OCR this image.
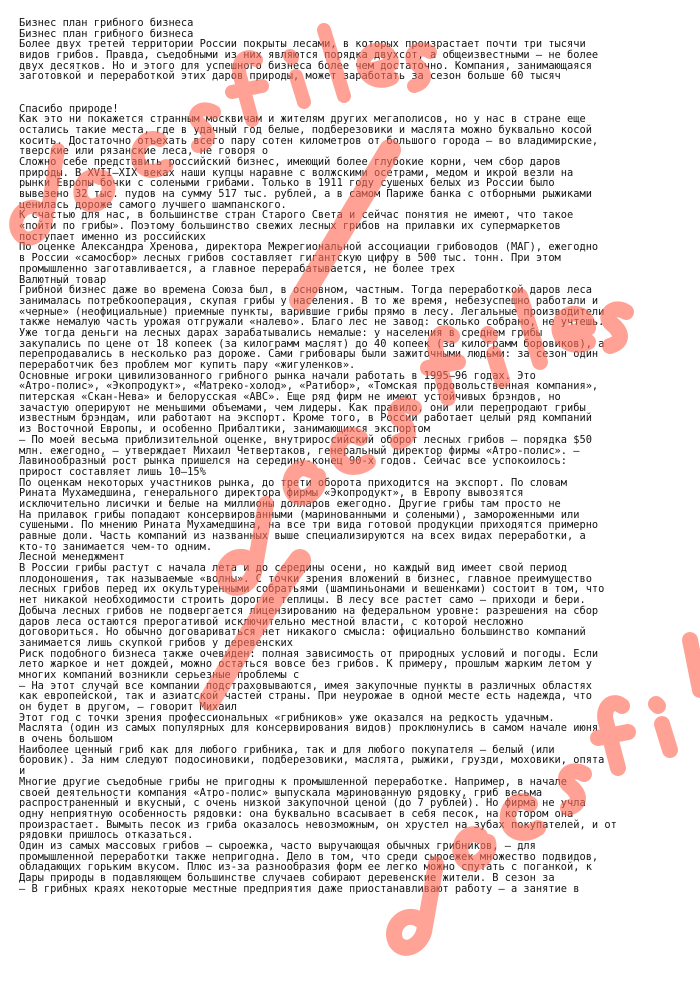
Бизнес план грибного бизнеса
Бизнес план грибного бизнеса
Более двух третей территории России покрыты лесами, в которых произрастает почти три тысячи
видов грибов. Правда, съедобными из них являются порядка двухсот, а общеизвестными – не более
двух десятков. Но и этого для успешного бизнеса более чем достаточно. Компания, занимающаяся
заготовкой и переработкой этих даров природы, может заработать за сезон больше 60 тысяч
Спасибо природе!
Как это ни покажется странным москвичам и жителям других мегаполисов, но у нас в стране еще
остались такие места, где в удачный год белые, подберезовики и маслята можно буквально косой
косить. Достаточно отъехать всего пару сотен километров от большого города – во владимирские,
тверские или рязанские леса, не говоря о
Сложно себе представить российский бизнес, имеющий более глубокие корни, чем сбор даров
природы. В XVII–XIX веках наши купцы наравне с волжскими осетрами, медом и икрой везли на
рынки Европы бочки с солеными грибами. Только в 1911 году сушеных белых из России было
вывезено 32 тыс. пудов на сумму 517 тыс. рублей, а в самом Париже банка с отборными рыжиками
ценилась дороже самого лучшего шампанского.
К счастью для нас, в большинстве стран Старого Света и сейчас понятия не имеют, что такое
«пойти по грибы». Поэтому большинство свежих лесных грибов на прилавки их супермаркетов
поступает именно из российских
По оценке Александра Хренова, директора Межрегиональной ассоциации грибоводов (МАГ), ежегодно
в России «самосбор» лесных грибов составляет гигантскую цифру в 500 тыс. тонн. При этом
промышленно заготавливается, а главное перерабатывается, не более трех
Валютный товар
Грибной бизнес даже во времена Союза был, в основном, частным. Тогда переработкой даров леса
занималась потребкооперация, скупая грибы у населения. В то же время, небезуспешно работали и
«черные» (неофициальные) приемные пункты, варившие грибы прямо в лесу. Легальные производители
также немалую часть урожая отгружали «налево». Благо лес не завод: сколько собрано, не учтешь.
Уже тогда деньги на лесных дарах зарабатывались немалые: у населения в среднем грибы
закупались по цене от 18 копеек (за килограмм маслят) до 40 копеек (за килограмм боровиков), а
перепродавались в несколько раз дороже. Сами грибовары были зажиточными людьми: за сезон один
переработчик без проблем мог купить пару «жигуленков».
Основные игроки цивилизованного грибного рынка начали работать в 1995–96 годах. Это
«Атро-полис», «Экопродукт», «Матреко-холод», «Ратибор», «Томская продовольственная компания»,
питерская «Скан-Нева» и белорусская «АВС». Еще ряд фирм не имеют устойчивых брэндов, но
зачастую оперируют не меньшими объемами, чем лидеры. Как правило, они или перепродают грибы
известным брэндам, или работают на экспорт. Кроме того, в России работает целый ряд компаний
из Восточной Европы, и особенно Прибалтики, занимающихся экспортом
– По моей весьма приблизительной оценке, внутрироссийский оборот лесных грибов – порядка $50
млн. ежегодно, – утверждает Михаил Четвертаков, генеральный директор фирмы «Атро-полис». –
Лавинообразный рост рынка пришелся на середину-конец 90-х годов. Сейчас все успокоилось:
прирост составляет лишь 10–15%
По оценкам некоторых участников рынка, до трети оборота приходится на экспорт. По словам
Рината Мухамедшина, генерального директора фирмы «Экопродукт», в Европу вывозятся
исключительно лисички и белые на миллионы долларов ежегодно. Другие грибы там просто не
На прилавок грибы попадают консервированными (маринованными и солеными), замороженными или
сушеными. По мнению Рината Мухамедшина, на все три вида готовой продукции приходятся примерно
равные доли. Часть компаний из названных выше специализируются на всех видах переработки, а
кто-то занимается чем-то одним.
Лесной менеджмент
В России грибы растут с начала лета и до середины осени, но каждый вид имеет свой период
плодоношения, так называемые «волны». С точки зрения вложений в бизнес, главное преимущество
лесных грибов перед их окультуренными собратьями (шампиньонами и вешенками) состоит в том, что
нет никакой необходимости строить дорогие теплицы. В лесу все растет само – приходи и бери.
Добыча лесных грибов не подвергается лицензированию на федеральном уровне: разрешения на сбор
даров леса остаются прерогативой исключительно местной власти, с которой несложно
договориться. Но обычно договариваться нет никакого смысла: официально большинство компаний
занимается лишь скупкой грибов у деревенских
Риск подобного бизнеса также очевиден: полная зависимость от природных условий и погоды. Если
лето жаркое и нет дождей, можно остаться вовсе без грибов. К примеру, прошлым жарким летом у
многих компаний возникли серьезные проблемы с
– На этот случай все компании подстраховываются, имея закупочные пункты в различных областях
как европейской, так и азиатской частей страны. При неурожае в одной месте есть надежда, что
он будет в другом, – говорит Михаил
Этот год с точки зрения профессиональных «грибников» уже оказался на редкость удачным.
Маслята (один из самых популярных для консервирования видов) проклюнулись в самом начале июня
в очень большом
Наиболее ценный гриб как для любого грибника, так и для любого покупателя – белый (или
боровик). За ним следуют подосиновики, подберезовики, маслята, рыжики, грузди, моховики, опята
и
Многие другие съедобные грибы не пригодны к промышленной переработке. Например, в начале
своей деятельности компания «Атро-полис» выпускала маринованную рядовку, гриб весьма
распространенный и вкусный, с очень низкой закупочной ценой (до 7 рублей). Но фирма не учла
одну неприятную особенность рядовки: она буквально всасывает в себя песок, на котором она
произрастает. Вымыть песок из гриба оказалось невозможным, он хрустел на зубах покупателей, и от
рядовки пришлось отказаться.
Один из самых массовых грибов – сыроежка, часто выручающая обычных грибников, – для
промышленной переработки также непригодна. Дело в том, что среди сыроежек множество подвидов,
обладающих горьким вкусом. Плюс из-за разнообразия форм ее легко можно спутать с поганкой, к
Дары природы в подавляющем большинстве случаев собирают деревенские жители. В сезон за
– В грибных краях некоторые местные предприятия даже приостанавливают работу – а занятие в
